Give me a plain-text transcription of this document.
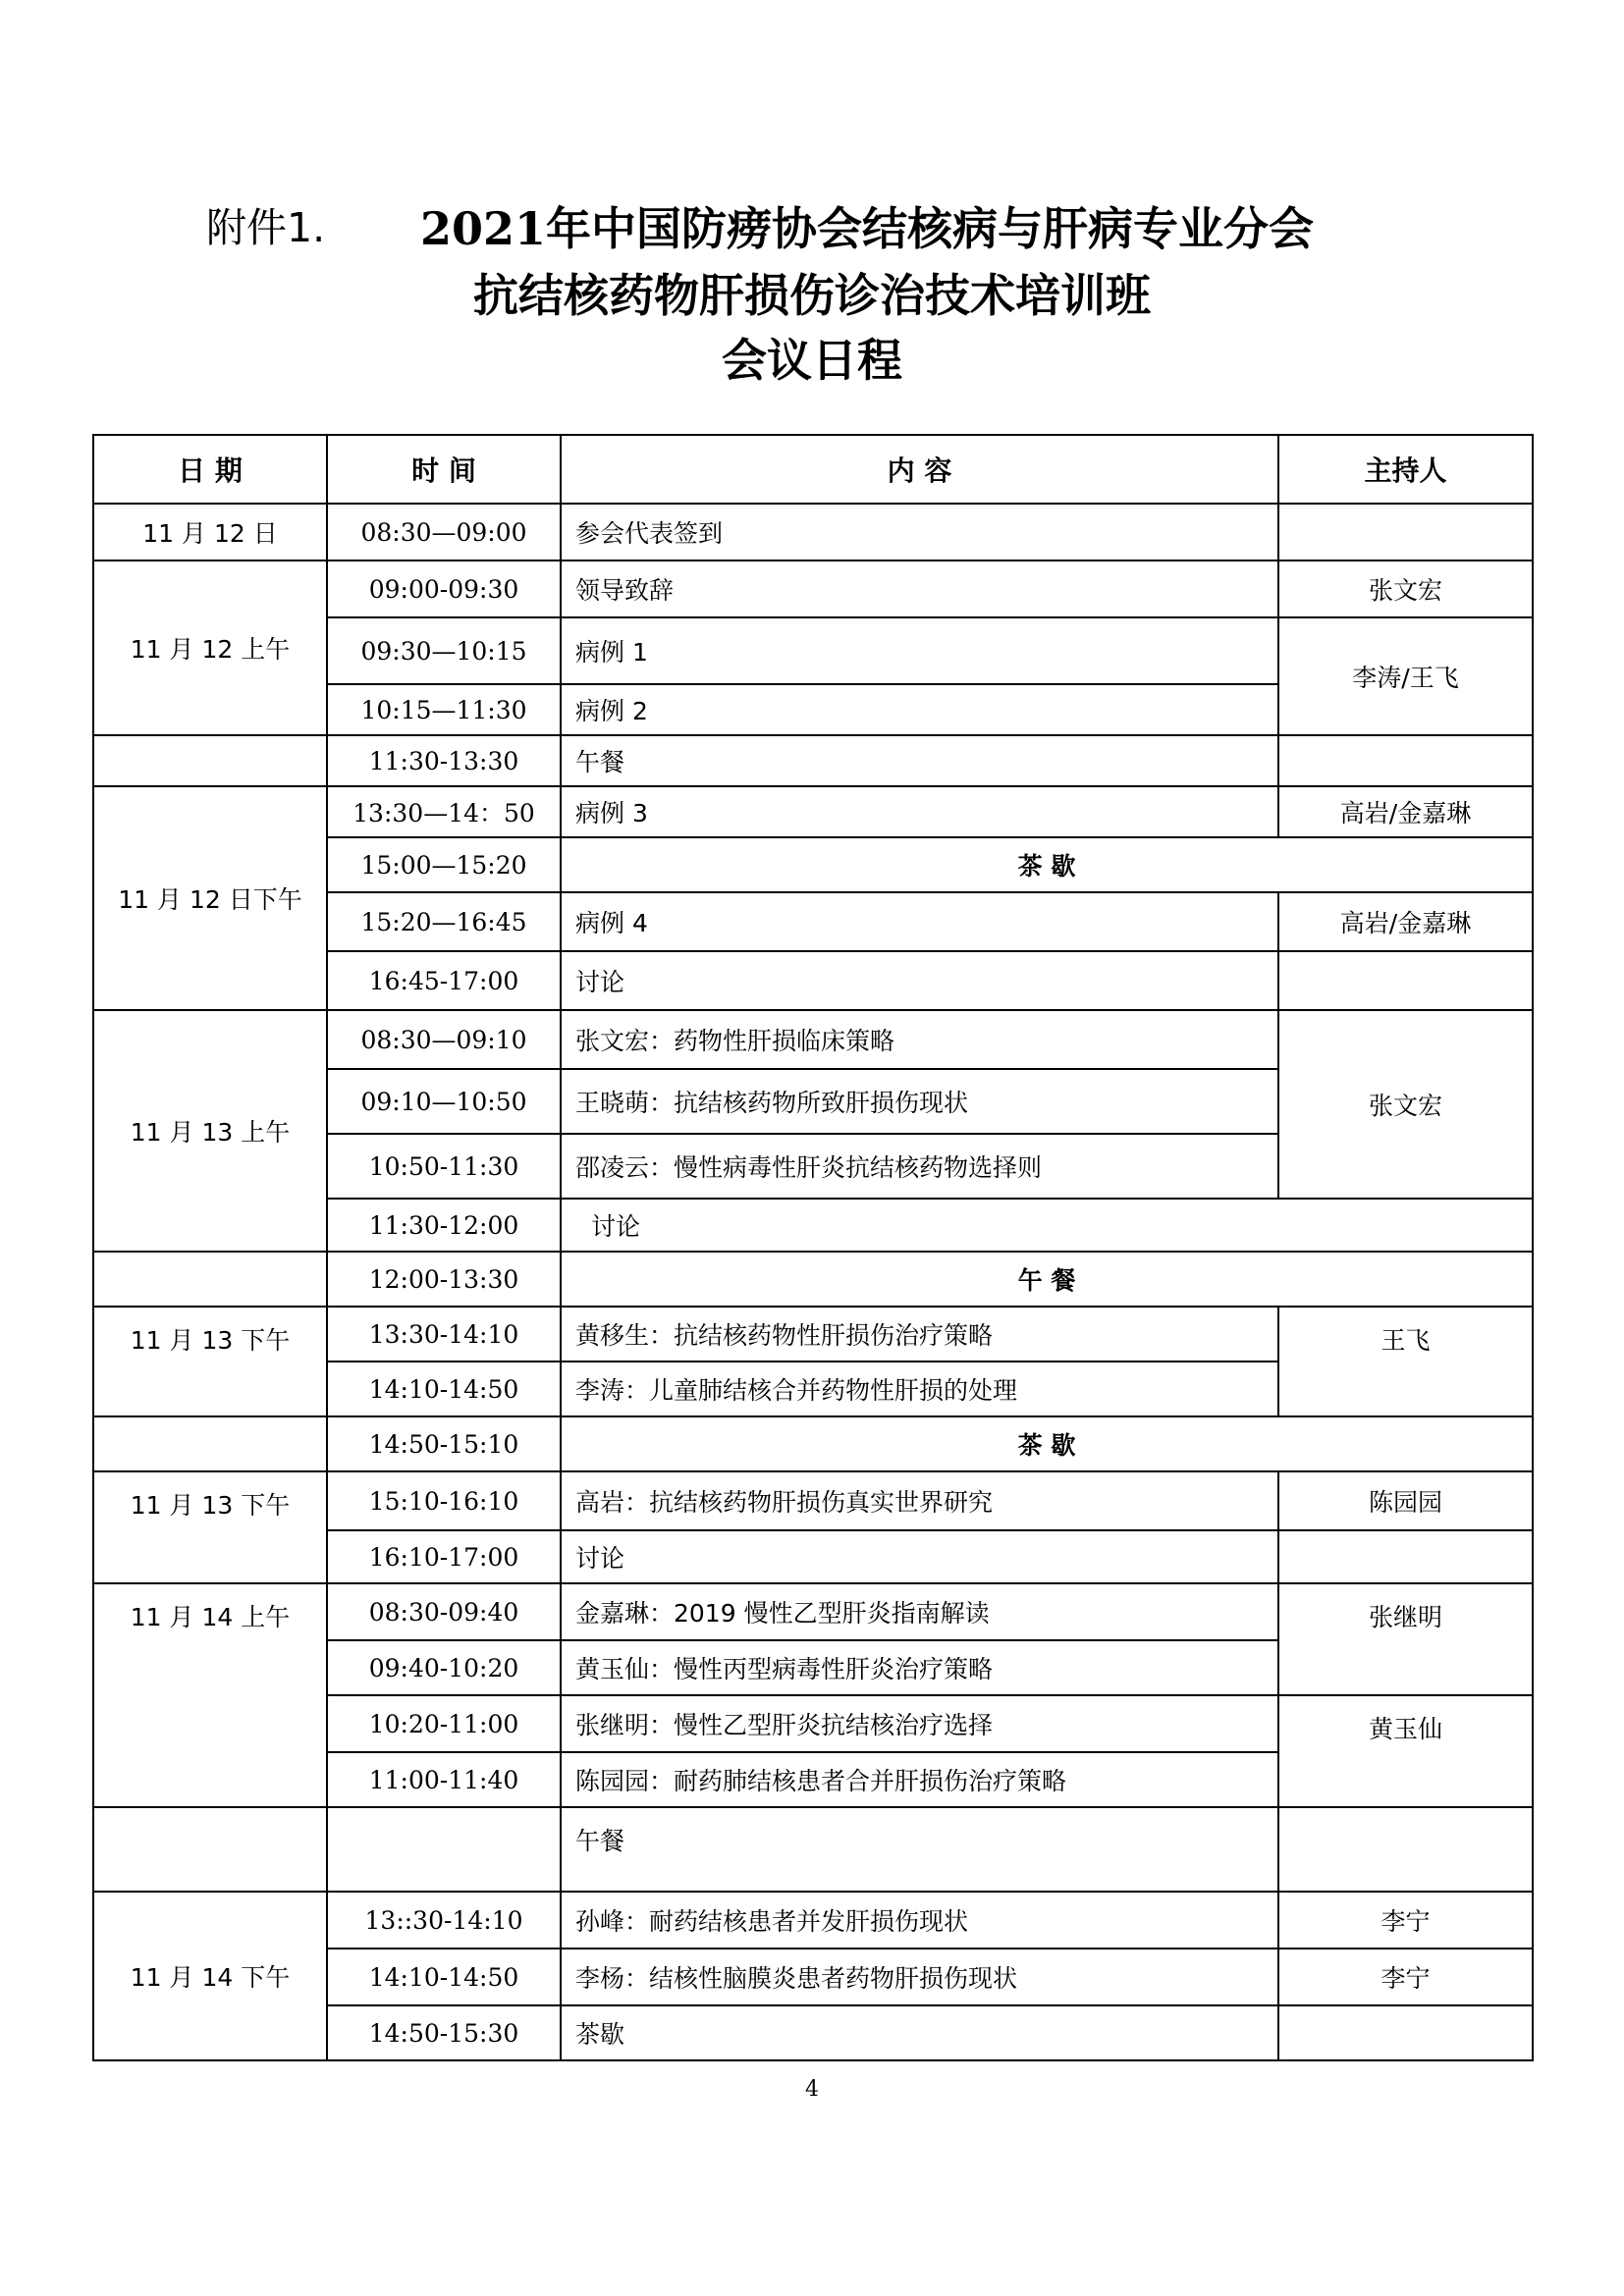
附件1. 2021年中国防痨协会结核病与肝病专业分会
抗结核药物肝损伤诊治技术培训班
会议日程
日 期	时 间	内 容	主持人
11 月 12 日	08:30—09:00	参会代表签到	
11 月 12 上午	09:00-09:30	领导致辞	张文宏
	09:30—10:15	病例 1	李涛/王飞
	10:15—11:30	病例 2	
	11:30-13:30	午餐	
11 月 12 日下午	13:30—14：50	病例 3	高岩/金嘉琳
	15:00—15:20	茶 歇	
	15:20—16:45	病例 4	高岩/金嘉琳
	16:45-17:00	讨论	
11 月 13 上午	08:30—09:10	张文宏：药物性肝损临床策略	张文宏
	09:10—10:50	王晓萌：抗结核药物所致肝损伤现状	
	10:50-11:30	邵凌云：慢性病毒性肝炎抗结核药物选择则	
	11:30-12:00	讨论	
	12:00-13:30	午 餐	
11 月 13 下午	13:30-14:10	黄移生：抗结核药物性肝损伤治疗策略	王飞
	14:10-14:50	李涛：儿童肺结核合并药物性肝损的处理	
	14:50-15:10	茶 歇	
11 月 13 下午	15:10-16:10	高岩：抗结核药物肝损伤真实世界研究	陈园园
	16:10-17:00	讨论	
11 月 14 上午	08:30-09:40	金嘉琳：2019 慢性乙型肝炎指南解读	张继明
	09:40-10:20	黄玉仙：慢性丙型病毒性肝炎治疗策略	
	10:20-11:00	张继明：慢性乙型肝炎抗结核治疗选择	黄玉仙
	11:00-11:40	陈园园：耐药肺结核患者合并肝损伤治疗策略	
		午餐	
11 月 14 下午	13::30-14:10	孙峰：耐药结核患者并发肝损伤现状	李宁
	14:10-14:50	李杨：结核性脑膜炎患者药物肝损伤现状	李宁
	14:50-15:30	茶歇	
4
